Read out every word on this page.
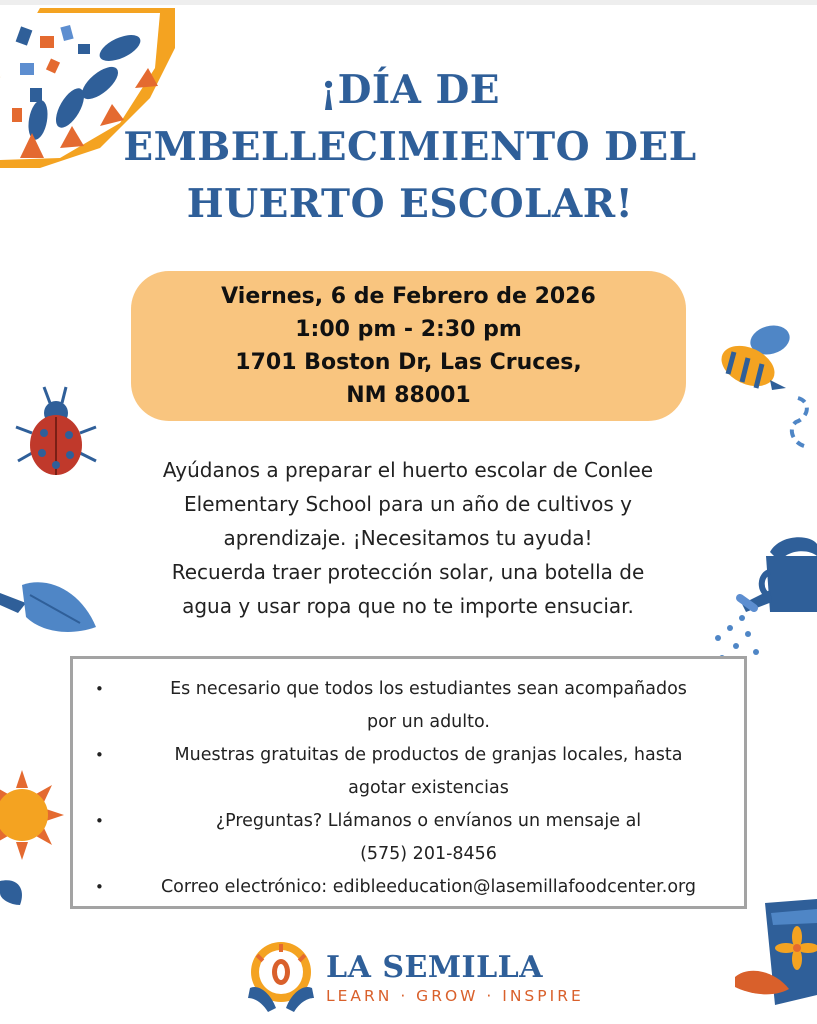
¡DÍA DE
EMBELLECIMIENTO DEL
HUERTO ESCOLAR!
Viernes, 6 de Febrero de 2026
1:00 pm - 2:30 pm
1701 Boston Dr, Las Cruces,
NM 88001
Ayúdanos a preparar el huerto escolar de Conlee
Elementary School para un año de cultivos y
aprendizaje. ¡Necesitamos tu ayuda!
Recuerda traer protección solar, una botella de
agua y usar ropa que no te importe ensuciar.
•	Es necesario que todos los estudiantes sean acompañados
por un adulto.
•	Muestras gratuitas de productos de granjas locales, hasta
agotar existencias
•	¿Preguntas? Llámanos o envíanos un mensaje al
(575) 201-8456
•	Correo electrónico: edibleeducation@lasemillafoodcenter.org
LA SEMILLA
LEARN · GROW · INSPIRE
